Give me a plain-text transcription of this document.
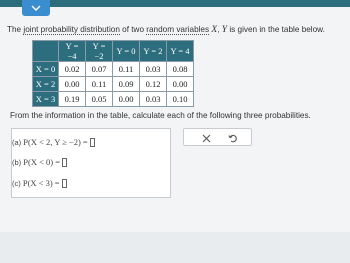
The joint probability distribution of two random variables X, Y is given in the table below.
	Y = −4	Y = −2	Y = 0	Y = 2	Y = 4
X = 0	0.02	0.07	0.11	0.03	0.08
X = 2	0.00	0.11	0.09	0.12	0.00
X = 3	0.19	0.05	0.00	0.03	0.10
From the information in the table, calculate each of the following three probabilities.
(a)
P(X < 2, Y ≥ −2) =
(b)
P(X < 0) =
(c)
P(X < 3) =
